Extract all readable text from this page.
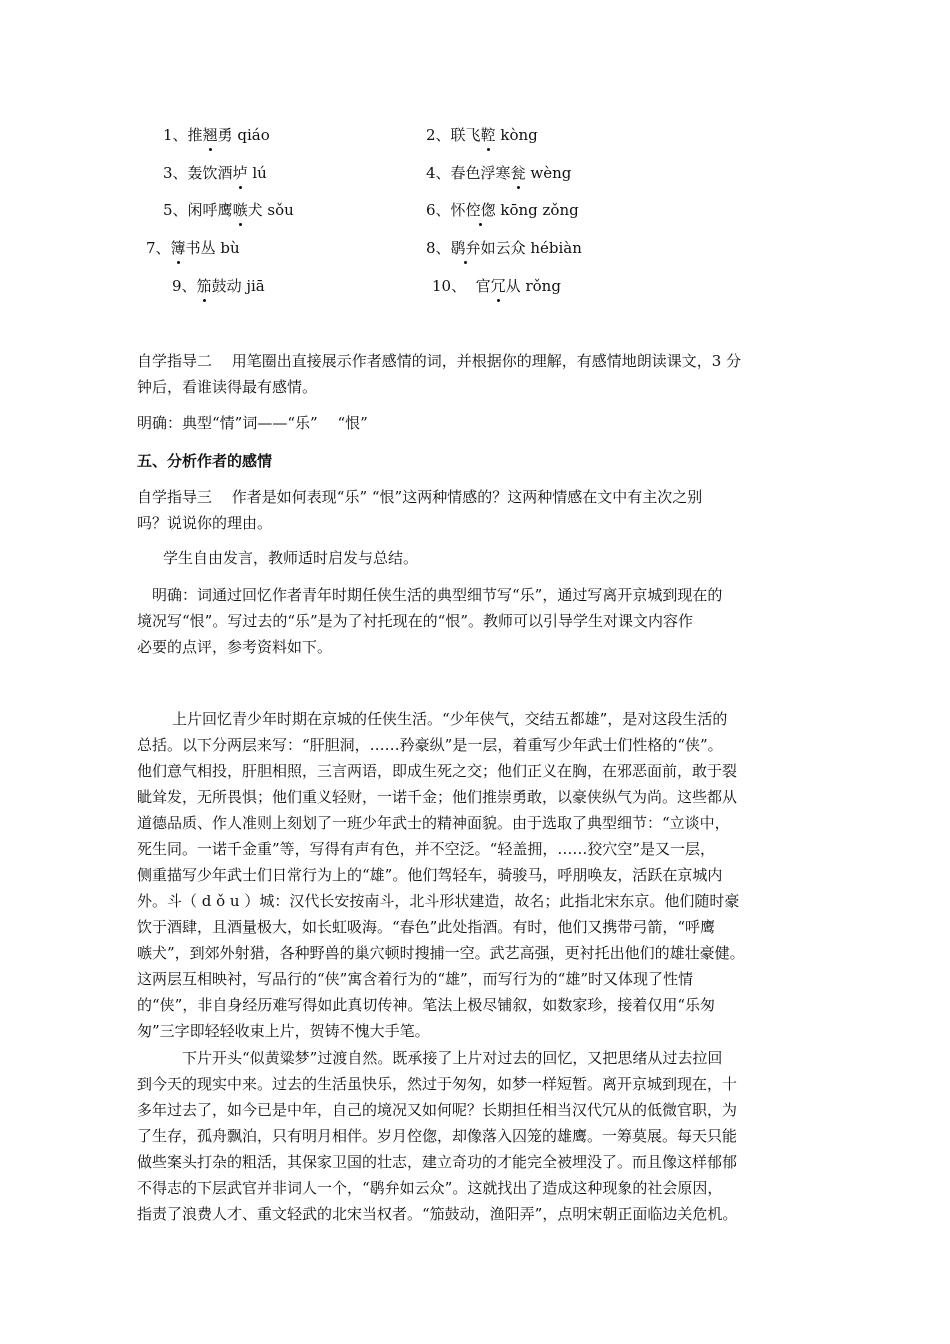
1、推翘勇 qiáo	2、联飞鞚 kòng
3、轰饮酒垆 lú	4、春色浮寒瓮 wèng
5、闲呼鹰嗾犬 sǒu	6、怀倥偬 kōng zǒng
7、簿书丛 bù	8、鹖弁如云众 hébiàn
9、笳鼓动 jiā	10、 官冗从 rǒng
自学指导二　 用笔圈出直接展示作者感情的词，并根据你的理解，有感情地朗读课文，3 分
钟后，看谁读得最有感情。
明确：典型“情”词——“乐”　 “恨”
五、分析作者的感情
自学指导三　 作者是如何表现“乐” “恨”这两种情感的？这两种情感在文中有主次之别
吗？说说你的理由。
学生自由发言，教师适时启发与总结。
明确：词通过回忆作者青年时期任侠生活的典型细节写“乐”，通过写离开京城到现在的
境况写“恨”。写过去的“乐”是为了衬托现在的“恨”。教师可以引导学生对课文内容作
必要的点评，参考资料如下。
上片回忆青少年时期在京城的任侠生活。“少年侠气，交结五都雄”，是对这段生活的
总括。以下分两层来写：“肝胆洞，……矜豪纵”是一层，着重写少年武士们性格的“侠”。
他们意气相投，肝胆相照，三言两语，即成生死之交；他们正义在胸，在邪恶面前，敢于裂
眦耸发，无所畏惧；他们重义轻财，一诺千金；他们推崇勇敢，以豪侠纵气为尚。这些都从
道德品质、作人准则上刻划了一班少年武士的精神面貌。由于选取了典型细节：“立谈中，
死生同。一诺千金重”等，写得有声有色，并不空泛。“轻盖拥，……狡穴空”是又一层，
侧重描写少年武士们日常行为上的“雄”。他们驾轻车，骑骏马，呼朋唤友，活跃在京城内
外。斗（ d ǒ u ）城：汉代长安按南斗，北斗形状建造，故名；此指北宋东京。他们随时豪
饮于酒肆，且酒量极大，如长虹吸海。“春色”此处指酒。有时，他们又携带弓箭，“呼鹰
嗾犬”，到郊外射猎，各种野兽的巢穴顿时搜捕一空。武艺高强，更衬托出他们的雄壮豪健。
这两层互相映衬，写品行的“侠”寓含着行为的“雄”，而写行为的“雄”时又体现了性情
的“侠”，非自身经历难写得如此真切传神。笔法上极尽铺叙，如数家珍，接着仅用“乐匆
匆”三字即轻轻收束上片，贺铸不愧大手笔。
下片开头“似黄粱梦”过渡自然。既承接了上片对过去的回忆，又把思绪从过去拉回
到今天的现实中来。过去的生活虽快乐，然过于匆匆，如梦一样短暂。离开京城到现在，十
多年过去了，如今已是中年，自己的境况又如何呢？长期担任相当汉代冗从的低微官职，为
了生存，孤舟飘泊，只有明月相伴。岁月倥偬，却像落入囚笼的雄鹰。一筹莫展。每天只能
做些案头打杂的粗活，其保家卫国的壮志，建立奇功的才能完全被埋没了。而且像这样郁郁
不得志的下层武官并非词人一个，“鹖弁如云众”。这就找出了造成这种现象的社会原因，
指责了浪费人才、重文轻武的北宋当权者。“笳鼓动，渔阳弄”，点明宋朝正面临边关危机。
